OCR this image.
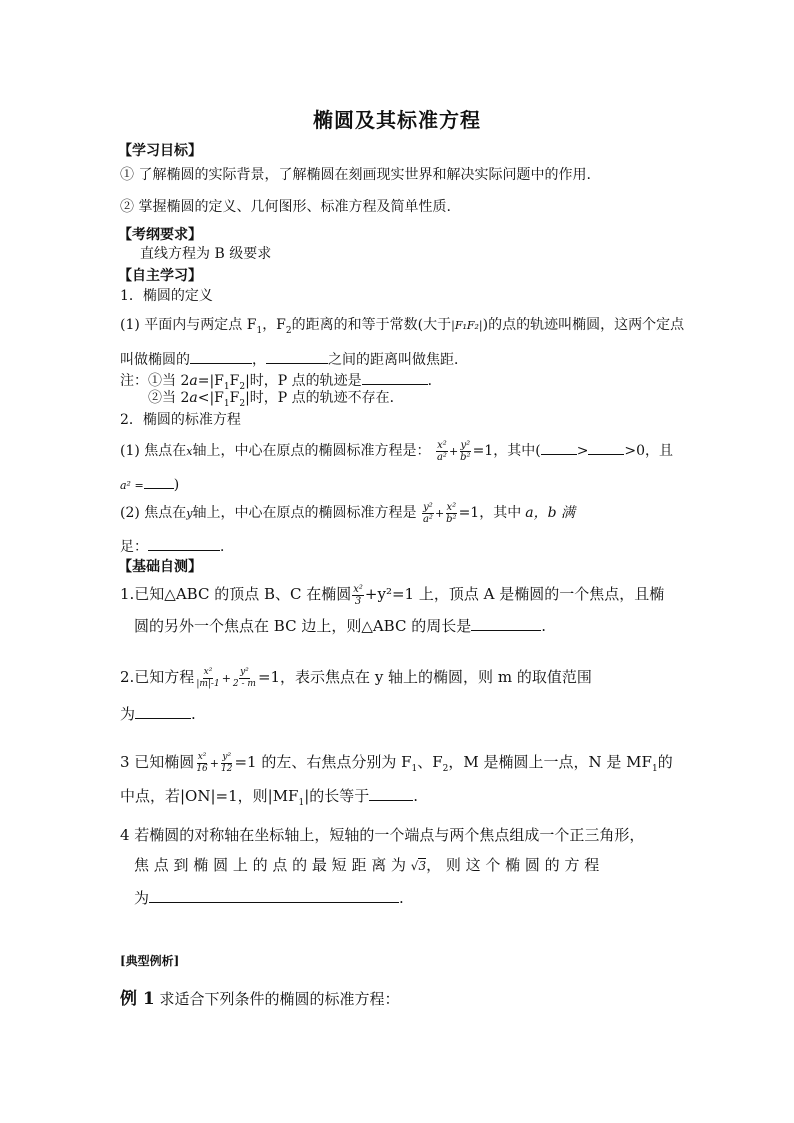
椭圆及其标准方程
【学习目标】
① 了解椭圆的实际背景，了解椭圆在刻画现实世界和解决实际问题中的作用.
② 掌握椭圆的定义、几何图形、标准方程及简单性质.
【考纲要求】
直线方程为 B 级要求
【自主学习】
1．椭圆的定义
(1) 平面内与两定点 $F_1$，$F_2$的距离的和等于常数(大于|F₁F₂|)的点的轨迹叫椭圆，这两个定点
叫做椭圆的	，	之间的距离叫做焦距．
注：①当 $2a=|F_1F_2|$时，P 点的轨迹是	．
②当 $2a<|F_1F_2|$时，P 点的轨迹不存在．
2．椭圆的标准方程
(1) 焦点在x轴上，中心在原点的椭圆标准方程是： $\frac{\text{x²}}{\text{a²}} + \frac{\text{y²}}{\text{b²}} =1$，其中(	>	>0，且
a² = )
(2) 焦点在y轴上，中心在原点的椭圆标准方程是 $\frac{\text{y²}}{\text{a²}} + \frac{\text{x²}}{\text{b²}} =1$，其中 a，b 满
足：	．
【基础自测】
1.已知△ABC 的顶点 B、C 在椭圆 $\frac{\text{x²}}{3} +y^2=1$ 上，顶点 A 是椭圆的一个焦点，且椭
圆的另外一个焦点在 BC 边上，则△ABC 的周长是	.
2.已知方程 $\frac{\text{x²}}{|m|-1} + \frac{\text{y²}}{2 - m} =1$，表示焦点在 y 轴上的椭圆，则 m 的取值范围
为	.
3 已知椭圆 $\frac{\text{x²}}{16} + \frac{\text{y²}}{12} =1$ 的左、右焦点分别为 $F_1$、$F_2$，M 是椭圆上一点，N 是 $MF_1$的
中点，若|ON|=1，则$|MF_1|$的长等于	.
4 若椭圆的对称轴在坐标轴上，短轴的一个端点与两个焦点组成一个正三角形，
焦 点 到 椭 圆 上 的 点 的 最 短 距 离 为 √3， 则 这 个 椭 圆 的 方 程
为	.
[典型例析]
例 1 求适合下列条件的椭圆的标准方程：
